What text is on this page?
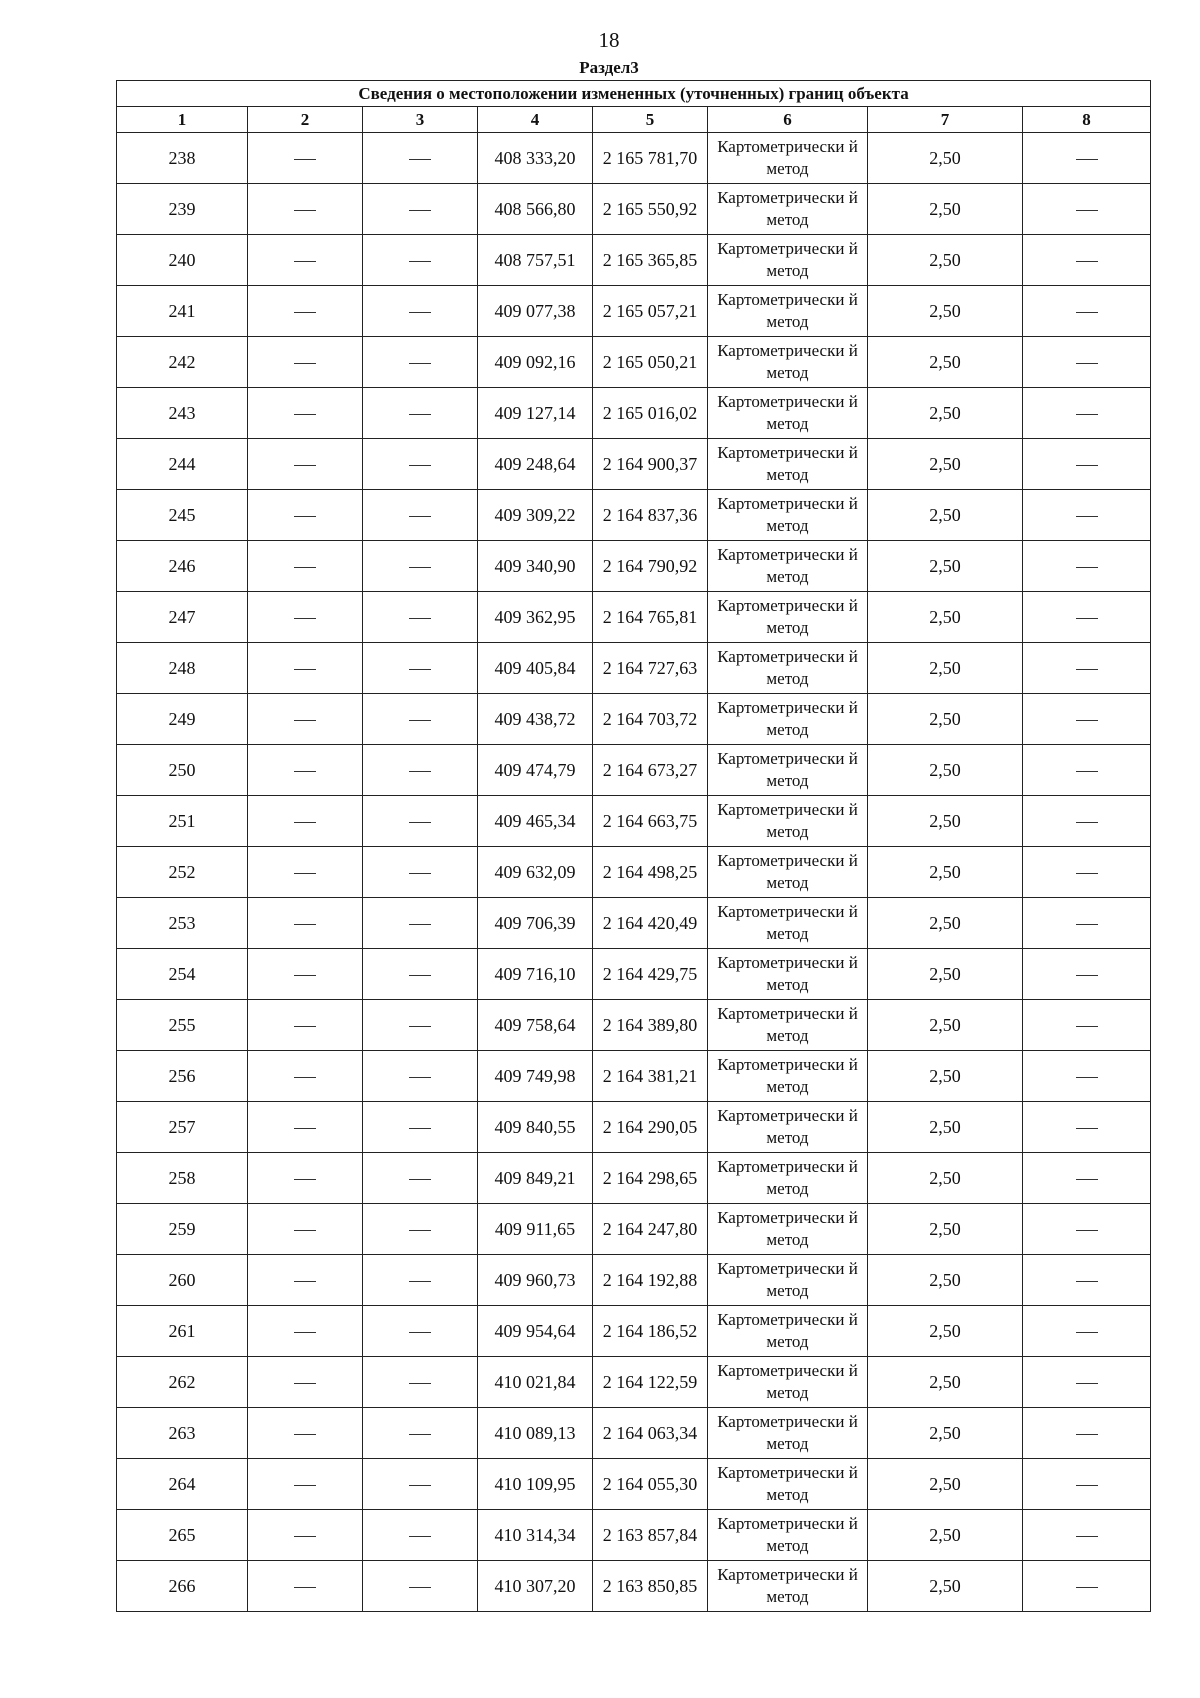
18
Раздел3
Сведения о местоположении измененных (уточненных) границ объекта							
1	2	3	4	5	6	7	8
238			408 333,20	2 165 781,70	Картометрически й метод	2,50	
239			408 566,80	2 165 550,92	Картометрически й метод	2,50	
240			408 757,51	2 165 365,85	Картометрически й метод	2,50	
241			409 077,38	2 165 057,21	Картометрически й метод	2,50	
242			409 092,16	2 165 050,21	Картометрически й метод	2,50	
243			409 127,14	2 165 016,02	Картометрически й метод	2,50	
244			409 248,64	2 164 900,37	Картометрически й метод	2,50	
245			409 309,22	2 164 837,36	Картометрически й метод	2,50	
246			409 340,90	2 164 790,92	Картометрически й метод	2,50	
247			409 362,95	2 164 765,81	Картометрически й метод	2,50	
248			409 405,84	2 164 727,63	Картометрически й метод	2,50	
249			409 438,72	2 164 703,72	Картометрически й метод	2,50	
250			409 474,79	2 164 673,27	Картометрически й метод	2,50	
251			409 465,34	2 164 663,75	Картометрически й метод	2,50	
252			409 632,09	2 164 498,25	Картометрически й метод	2,50	
253			409 706,39	2 164 420,49	Картометрически й метод	2,50	
254			409 716,10	2 164 429,75	Картометрически й метод	2,50	
255			409 758,64	2 164 389,80	Картометрически й метод	2,50	
256			409 749,98	2 164 381,21	Картометрически й метод	2,50	
257			409 840,55	2 164 290,05	Картометрически й метод	2,50	
258			409 849,21	2 164 298,65	Картометрически й метод	2,50	
259			409 911,65	2 164 247,80	Картометрически й метод	2,50	
260			409 960,73	2 164 192,88	Картометрически й метод	2,50	
261			409 954,64	2 164 186,52	Картометрически й метод	2,50	
262			410 021,84	2 164 122,59	Картометрически й метод	2,50	
263			410 089,13	2 164 063,34	Картометрически й метод	2,50	
264			410 109,95	2 164 055,30	Картометрически й метод	2,50	
265			410 314,34	2 163 857,84	Картометрически й метод	2,50	
266			410 307,20	2 163 850,85	Картометрически й метод	2,50	
